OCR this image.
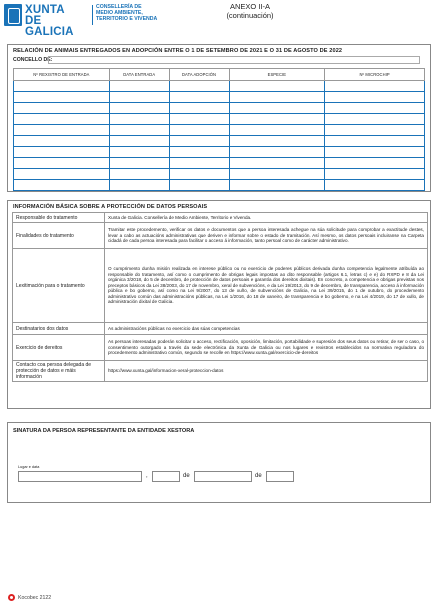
XUNTA
DE GALICIA
CONSELLERÍA DE
MEDIO AMBIENTE,
TERRITORIO E VIVENDA
ANEXO II-A
(continuación)
RELACIÓN DE ANIMAIS ENTREGADOS EN ADOPCIÓN ENTRE O 1 DE SETEMBRO DE 2021 E O 31 DE AGOSTO DE 2022
CONCELLO DE:
Nº REXISTRO DE ENTRADA	DATA ENTRADA	DATA ADOPCIÓN	ESPECIE	Nº MICROCHIP

INFORMACIÓN BÁSICA SOBRE A PROTECCIÓN DE DATOS PERSOAIS
Responsable do tratamento	Xunta de Galicia. Consellería de Medio Ambiente, Territorio e Vivenda.
Finalidades do tratamento	Tramitar este procedemento, verificar os datos e documentos que a persoa interesada achegue na súa solicitude para comprobar a exactitude destes, levar a cabo as actuacións administrativas que deriven e informar sobre o estado de tramitación. Así mesmo, os datos persoais incluiranse na Carpeta cidadá de cada persoa interesada para facilitar o acceso á información, tanto persoal como de carácter administrativo.
Lexitimación para o tratamento	O cumprimento dunha misión realizada en interese público ou no exercicio de poderes públicos derivada dunha competencia legalmente atribuída ao responsable do tratamento, así como o cumprimento de obrigas legais impostas ao dito responsable (artigos 6.1, letras c) e e) do RXPD e 8 da Lei orgánica 3/2018, do 5 de decembro, de protección de datos persoais e garantía dos dereitos dixitais). En concreto, a competencia e obrigas previstas nos preceptos básicos da Lei 38/2003, do 17 de novembro, xeral de subvencións, e da Lei 19/2013, do 9 de decembro, de transparencia, acceso á información pública e bo goberno, así como na Lei 9/2007, do 13 de xuño, de subvencións de Galicia, na Lei 39/2015, do 1 de outubro, do procedemento administrativo común das administracións públicas, na Lei 1/2016, do 18 de xaneiro, de transparencia e bo goberno, e na Lei 4/2019, do 17 de xullo, de administración dixital de Galicia.
Destinatarios dos datos	As administracións públicas no exercicio das súas competencias
Exercicio de dereitos	As persoas interesadas poderán solicitar o acceso, rectificación, oposición, limitación, portabilidade e supresión dos seus datos ou retirar, de ser o caso, o consentimento outorgado a través da sede electrónica da Xunta de Galicia ou nos lugares e rexistros establecidos na normativa reguladora do procedemento administrativo común, segundo se recolle en https://www.xunta.gal/exercicio-de-dereitos
Contacto coa persoa delegada de protección de datos e máis información	https://www.xunta.gal/informacion-xeral-proteccion-datos
SINATURA DA PERSOA REPRESENTANTE DA ENTIDADE XESTORA
Lugar e data
,	de	de
Kocobec 2122
